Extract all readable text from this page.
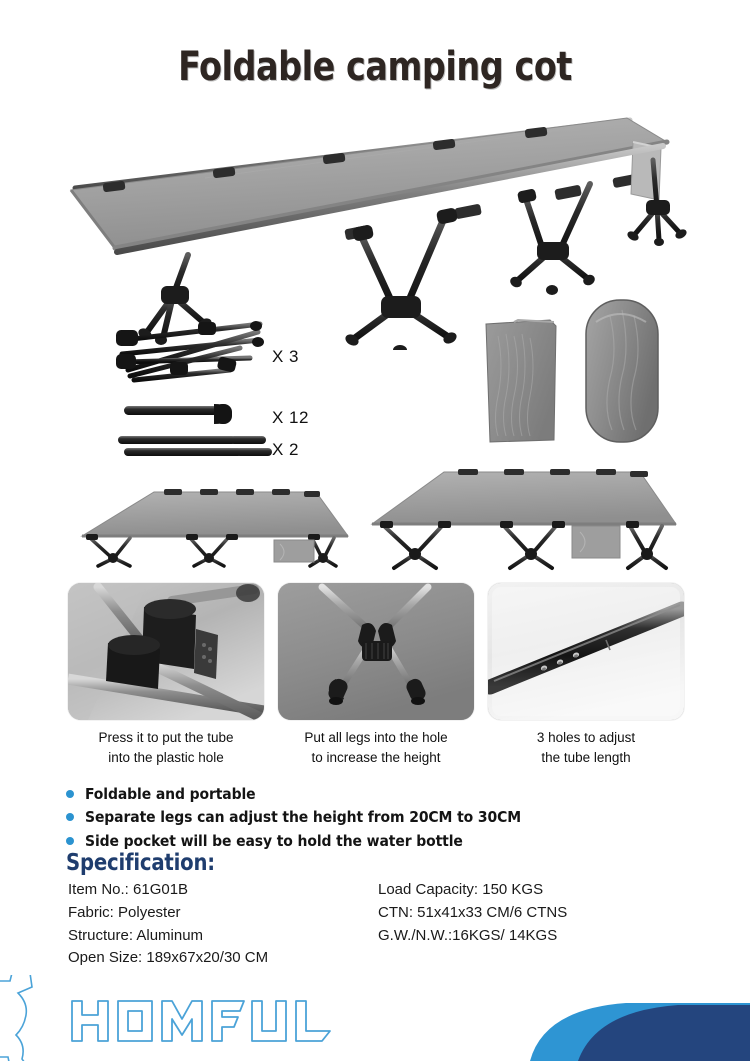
Foldable camping cot
X 3
X 12
X 2
Press it to put the tube
into the plastic hole
Put all legs into the hole
to increase the height
3 holes to adjust
the tube length
Foldable and portable
Separate legs can adjust the height from 20CM to 30CM
Side pocket will be easy to hold the water bottle
Specification:
Item No.: 61G01B
Fabric: Polyester
Structure: Aluminum
Open Size: 189x67x20/30 CM
Load Capacity: 150 KGS
CTN: 51x41x33 CM/6 CTNS
G.W./N.W.:16KGS/ 14KGS
